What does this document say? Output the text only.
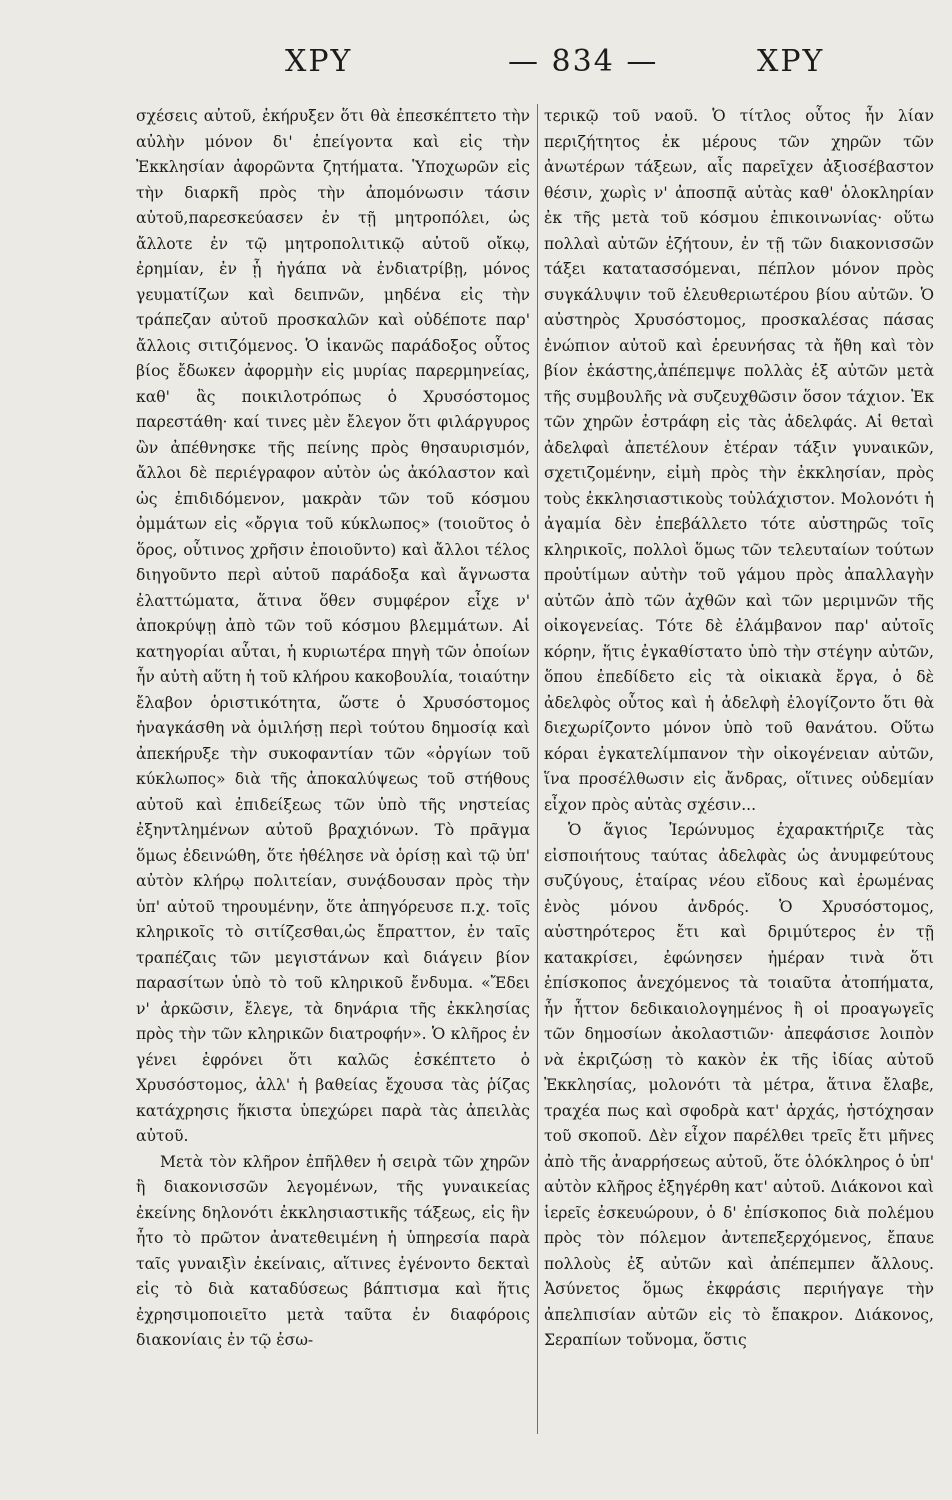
ΧΡΥ	— 834 —	ΧΡΥ

σχέσεις αὐτοῦ, ἐκήρυξεν ὅτι θὰ ἐπεσκέπτετο τὴν αὐλὴν μόνον δι' ἐπείγοντα καὶ εἰς τὴν Ἐκκλησίαν ἀφορῶντα ζητήματα. Ὑποχωρῶν εἰς τὴν διαρκῆ πρὸς τὴν ἀπομόνωσιν τάσιν αὐτοῦ,παρεσκεύασεν ἐν τῇ μητροπόλει, ὡς ἄλλοτε ἐν τῷ μητροπολιτικῷ αὐτοῦ οἴκῳ, ἐρημίαν, ἐν ᾗ ἠγάπα νὰ ἐνδιατρίβῃ, μόνος γευματίζων καὶ δειπνῶν, μηδένα εἰς τὴν τράπεζαν αὐτοῦ προσκαλῶν καὶ οὐδέποτε παρ' ἄλλοις σιτιζόμενος. Ὁ ἱκανῶς παράδοξος οὗτος βίος ἔδωκεν ἀφορμὴν εἰς μυρίας παρερμηνείας, καθ' ἃς ποικιλοτρόπως ὁ Χρυσόστομος παρεστάθη· καί τινες μὲν ἔλεγον ὅτι φιλάργυρος ὢν ἀπέθνησκε τῆς πείνης πρὸς θησαυρισμόν, ἄλλοι δὲ περιέγραφον αὐτὸν ὡς ἀκόλαστον καὶ ὡς ἐπιδιδόμενον, μακρὰν τῶν τοῦ κόσμου ὀμμάτων εἰς «ὄργια τοῦ κύκλωπος» (τοιοῦτος ὁ ὅρος, οὗτινος χρῆσιν ἐποιοῦντο) καὶ ἄλλοι τέλος διηγοῦντο περὶ αὐτοῦ παράδοξα καὶ ἄγνωστα ἐλαττώματα, ἅτινα ὅθεν συμφέρον εἶχε ν' ἀποκρύψῃ ἀπὸ τῶν τοῦ κόσμου βλεμμάτων. Αἱ κατηγορίαι αὗται, ἡ κυριωτέρα πηγὴ τῶν ὁποίων ἦν αὐτὴ αὕτη ἡ τοῦ κλήρου κακοβουλία, τοιαύτην ἔλαβον ὁριστικότητα, ὥστε ὁ Χρυσόστομος ἠναγκάσθη νὰ ὁμιλήσῃ περὶ τούτου δημοσίᾳ καὶ ἀπεκήρυξε τὴν συκοφαντίαν τῶν «ὀργίων τοῦ κύκλωπος» διὰ τῆς ἀποκαλύψεως τοῦ στήθους αὐτοῦ καὶ ἐπιδείξεως τῶν ὑπὸ τῆς νηστείας ἐξηντλημένων αὐτοῦ βραχιόνων. Τὸ πρᾶγμα ὅμως ἐδεινώθη, ὅτε ἠθέλησε νὰ ὁρίσῃ καὶ τῷ ὑπ' αὐτὸν κλήρῳ πολιτείαν, συνᾴδουσαν πρὸς τὴν ὑπ' αὐτοῦ τηρουμένην, ὅτε ἀπηγόρευσε π.χ. τοῖς κληρικοῖς τὸ σιτίζεσθαι,ὡς ἔπραττον, ἐν ταῖς τραπέζαις τῶν μεγιστάνων καὶ διάγειν βίον παρασίτων ὑπὸ τὸ τοῦ κληρικοῦ ἔνδυμα. «Ἔδει ν' ἀρκῶσιν, ἔλεγε, τὰ δηνάρια τῆς ἐκκλησίας πρὸς τὴν τῶν κληρικῶν διατροφήν». Ὁ κλῆρος ἐν γένει ἐφρόνει ὅτι καλῶς ἐσκέπτετο ὁ Χρυσόστομος, ἀλλ' ἡ βαθείας ἔχουσα τὰς ῥίζας κατάχρησις ἥκιστα ὑπεχώρει παρὰ τὰς ἀπειλὰς αὐτοῦ.

Μετὰ τὸν κλῆρον ἐπῆλθεν ἡ σειρὰ τῶν χηρῶν ἢ διακονισσῶν λεγομένων, τῆς γυναικείας ἐκείνης δηλονότι ἐκκλησιαστικῆς τάξεως, εἰς ἣν ἦτο τὸ πρῶτον ἀνατεθειμένη ἡ ὑπηρεσία παρὰ ταῖς γυναιξὶν ἐκείναις, αἵτινες ἐγένοντο δεκταὶ εἰς τὸ διὰ καταδύσεως βάπτισμα καὶ ἥτις ἐχρησιμοποιεῖτο μετὰ ταῦτα ἐν διαφόροις διακονίαις ἐν τῷ ἐσω-

τερικῷ τοῦ ναοῦ. Ὁ τίτλος οὗτος ἦν λίαν περιζήτητος ἐκ μέρους τῶν χηρῶν τῶν ἀνωτέρων τάξεων, αἷς παρεῖχεν ἀξιοσέβαστον θέσιν, χωρὶς ν' ἀποσπᾷ αὐτὰς καθ' ὁλοκληρίαν ἐκ τῆς μετὰ τοῦ κόσμου ἐπικοινωνίας· οὕτω πολλαὶ αὐτῶν ἐζήτουν, ἐν τῇ τῶν διακονισσῶν τάξει κατατασσόμεναι, πέπλον μόνον πρὸς συγκάλυψιν τοῦ ἐλευθεριωτέρου βίου αὐτῶν. Ὁ αὐστηρὸς Χρυσόστομος, προσκαλέσας πάσας ἐνώπιον αὐτοῦ καὶ ἐρευνήσας τὰ ἤθη καὶ τὸν βίον ἑκάστης,ἀπέπεμψε πολλὰς ἐξ αὐτῶν μετὰ τῆς συμβουλῆς νὰ συζευχθῶσιν ὅσον τάχιον. Ἐκ τῶν χηρῶν ἐστράφη εἰς τὰς ἀδελφάς. Αἱ θεταὶ ἀδελφαὶ ἀπετέλουν ἑτέραν τάξιν γυναικῶν, σχετιζομένην, εἰμὴ πρὸς τὴν ἐκκλησίαν, πρὸς τοὺς ἐκκλησιαστικοὺς τοὐλάχιστον. Μολονότι ἡ ἀγαμία δὲν ἐπεβάλλετο τότε αὐστηρῶς τοῖς κληρικοῖς, πολλοὶ ὅμως τῶν τελευταίων τούτων προὐτίμων αὐτὴν τοῦ γάμου πρὸς ἀπαλλαγὴν αὐτῶν ἀπὸ τῶν ἀχθῶν καὶ τῶν μεριμνῶν τῆς οἰκογενείας. Τότε δὲ ἐλάμβανον παρ' αὐτοῖς κόρην, ἥτις ἐγκαθίστατο ὑπὸ τὴν στέγην αὐτῶν, ὅπου ἐπεδίδετο εἰς τὰ οἰκιακὰ ἔργα, ὁ δὲ ἀδελφὸς οὗτος καὶ ἡ ἀδελφὴ ἐλογίζοντο ὅτι θὰ διεχωρίζοντο μόνον ὑπὸ τοῦ θανάτου. Οὕτω κόραι ἐγκατελίμπανον τὴν οἰκογένειαν αὐτῶν, ἵνα προσέλθωσιν εἰς ἄνδρας, οἵτινες οὐδεμίαν εἶχον πρὸς αὐτὰς σχέσιν...

Ὁ ἅγιος Ἱερώνυμος ἐχαρακτήριζε τὰς εἰσποιήτους ταύτας ἀδελφὰς ὡς ἀνυμφεύτους συζύγους, ἑταίρας νέου εἴδους καὶ ἐρωμένας ἑνὸς μόνου ἀνδρός. Ὁ Χρυσόστομος, αὐστηρότερος ἔτι καὶ δριμύτερος ἐν τῇ κατακρίσει, ἐφώνησεν ἡμέραν τινὰ ὅτι ἐπίσκοπος ἀνεχόμενος τὰ τοιαῦτα ἀτοπήματα, ἦν ἧττον δεδικαιολογημένος ἢ οἱ προαγωγεῖς τῶν δημοσίων ἀκολαστιῶν· ἀπεφάσισε λοιπὸν νὰ ἐκριζώσῃ τὸ κακὸν ἐκ τῆς ἰδίας αὑτοῦ Ἐκκλησίας, μολονότι τὰ μέτρα, ἅτινα ἔλαβε, τραχέα πως καὶ σφοδρὰ κατ' ἀρχάς, ἠστόχησαν τοῦ σκοποῦ. Δὲν εἶχον παρέλθει τρεῖς ἔτι μῆνες ἀπὸ τῆς ἀναρρήσεως αὐτοῦ, ὅτε ὁλόκληρος ὁ ὑπ' αὐτὸν κλῆρος ἐξηγέρθη κατ' αὐτοῦ. Διάκονοι καὶ ἱερεῖς ἐσκευώρουν, ὁ δ' ἐπίσκοπος διὰ πολέμου πρὸς τὸν πόλεμον ἀντεπεξερχόμενος, ἔπαυε πολλοὺς ἐξ αὐτῶν καὶ ἀπέπεμπεν ἄλλους. Ἀσύνετος ὅμως ἐκφράσις περιήγαγε τὴν ἀπελπισίαν αὐτῶν εἰς τὸ ἔπακρον. Διάκονος, Σεραπίων τοὔνομα, ὅστις
